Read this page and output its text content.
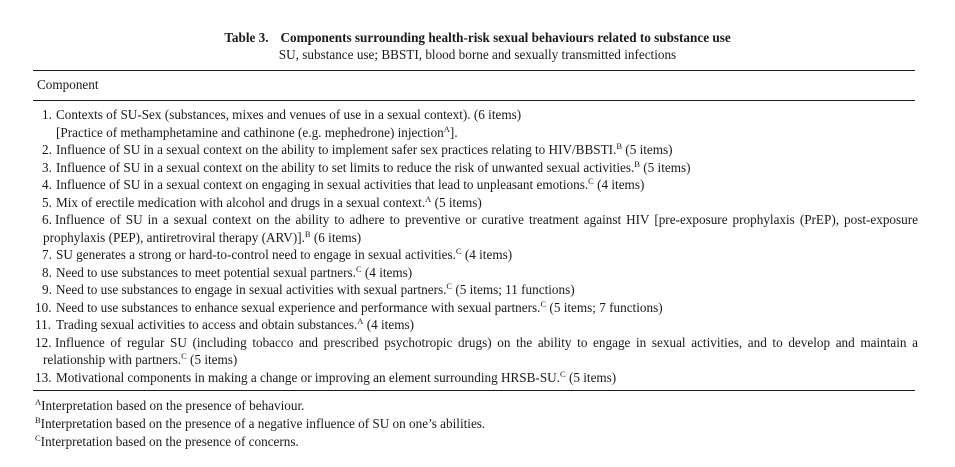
Table 3. Components surrounding health-risk sexual behaviours related to substance use
SU, substance use; BBSTI, blood borne and sexually transmitted infections
Component
1. Contexts of SU-Sex (substances, mixes and venues of use in a sexual context). (6 items)
[Practice of methamphetamine and cathinone (e.g. mephedrone) injection$^A$].
2. Influence of SU in a sexual context on the ability to implement safer sex practices relating to HIV/BBSTI.$^B$ (5 items)
3. Influence of SU in a sexual context on the ability to set limits to reduce the risk of unwanted sexual activities.$^B$ (5 items)
4. Influence of SU in a sexual context on engaging in sexual activities that lead to unpleasant emotions.$^C$ (4 items)
5. Mix of erectile medication with alcohol and drugs in a sexual context.$^A$ (5 items)
6. Influence of SU in a sexual context on the ability to adhere to preventive or curative treatment against HIV [pre-exposure prophylaxis (PrEP), post-exposure prophylaxis (PEP), antiretroviral therapy (ARV)].$^B$ (6 items)
7. SU generates a strong or hard-to-control need to engage in sexual activities.$^C$ (4 items)
8. Need to use substances to meet potential sexual partners.$^C$ (4 items)
9. Need to use substances to engage in sexual activities with sexual partners.$^C$ (5 items; 11 functions)
10. Need to use substances to enhance sexual experience and performance with sexual partners.$^C$ (5 items; 7 functions)
11. Trading sexual activities to access and obtain substances.$^A$ (4 items)
12. Influence of regular SU (including tobacco and prescribed psychotropic drugs) on the ability to engage in sexual activities, and to develop and maintain a relationship with partners.$^C$ (5 items)
13. Motivational components in making a change or improving an element surrounding HRSB-SU.$^C$ (5 items)
$^A$Interpretation based on the presence of behaviour.
$^B$Interpretation based on the presence of a negative influence of SU on one’s abilities.
$^C$Interpretation based on the presence of concerns.
